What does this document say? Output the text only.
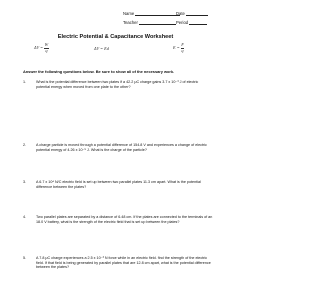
Name	Date
Teacher	Period
Electric Potential & Capacitance Worksheet
$\Delta V = \frac{W}{q}$	ΔV = Ed	$E = \frac{F}{q}$
Answer the following questions below. Be sure to show all of the necessary work.
1.	What is the potential difference between two plates if a 42.2 μC charge gains 3.7 x 10⁻³ J of electric potential energy when moved from one plate to the other?
2.	A charge particle is moved through a potential difference of 154.8 V and experiences a change of electric potential energy of 4.26 x 10⁻⁵ J. What is the charge of the particle?
3.	A 6.7 x 10⁴ N/C electric field is set up between two parallel plates 11.3 cm apart. What is the potential difference between the plates?
4.	Two parallel plates are separated by a distance of 6.48 cm. If the plates are connected to the terminals of an 18.0 V battery, what is the strength of the electric field that is set up between the plates?
5.	A 7.8 μC charge experiences a 2.5 x 10⁻³ N force while in an electric field. find the strength of the electric field. If that field is being generated by parallel plates that are 12.8 cm apart, what is the potential difference between the plates?
